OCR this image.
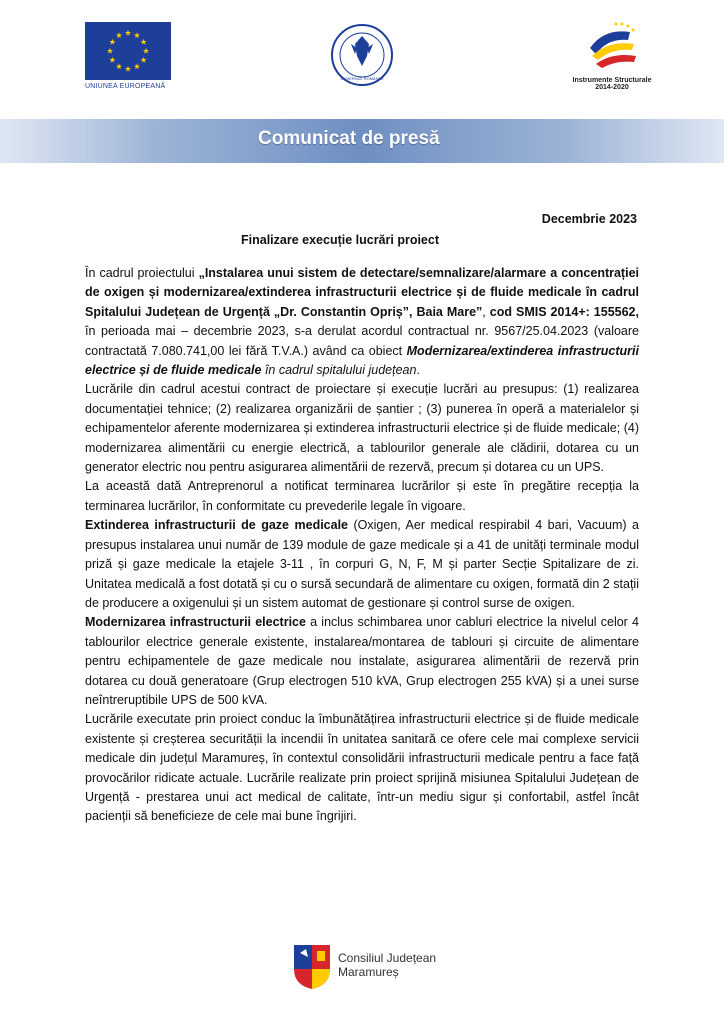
UNIUNEA EUROPEANĂ
GUVERNUL ROMÂNIEI	Instrumente Structurale
2014-2020
Comunicat de presă
Decembrie 2023
Finalizare execuție lucrări proiect

În cadrul proiectului „Instalarea unui sistem de detectare/semnalizare/alarmare a concentrației de oxigen și modernizarea/extinderea infrastructurii electrice și de fluide medicale în cadrul Spitalului Județean de Urgență „Dr. Constantin Opriș”, Baia Mare”, cod SMIS 2014+: 155562, în perioada mai – decembrie 2023, s-a derulat acordul contractual nr. 9567/25.04.2023 (valoare contractată 7.080.741,00 lei fără T.V.A.) având ca obiect Modernizarea/extinderea infrastructurii electrice și de fluide medicale în cadrul spitalului județean.

Lucrările din cadrul acestui contract de proiectare și execuție lucrări au presupus: (1) realizarea documentației tehnice; (2) realizarea organizării de șantier ; (3) punerea în operă a materialelor și echipamentelor aferente modernizarea și extinderea infrastructurii electrice și de fluide medicale; (4) modernizarea alimentării cu energie electrică, a tablourilor generale ale clădirii, dotarea cu un generator electric nou pentru asigurarea alimentării de rezervă, precum și dotarea cu un UPS.

La această dată Antreprenorul a notificat terminarea lucrărilor și este în pregătire recepția la terminarea lucrărilor, în conformitate cu prevederile legale în vigoare.

Extinderea infrastructurii de gaze medicale (Oxigen, Aer medical respirabil 4 bari, Vacuum) a presupus instalarea unui număr de 139 module de gaze medicale și a 41 de unități terminale modul priză și gaze medicale la etajele 3-11 , în corpuri G, N, F, M și parter Secție Spitalizare de zi. Unitatea medicală a fost dotată și cu o sursă secundară de alimentare cu oxigen, formată din 2 stații de producere a oxigenului și un sistem automat de gestionare și control surse de oxigen.

Modernizarea infrastructurii electrice a inclus schimbarea unor cabluri electrice la nivelul celor 4 tablourilor electrice generale existente, instalarea/montarea de tablouri și circuite de alimentare pentru echipamentele de gaze medicale nou instalate, asigurarea alimentării de rezervă prin dotarea cu două generatoare (Grup electrogen 510 kVA, Grup electrogen 255 kVA) și a unei surse neîntreruptibile UPS de 500 kVA.

Lucrările executate prin proiect conduc la îmbunătățirea infrastructurii electrice și de fluide medicale existente și creșterea securității la incendii în unitatea sanitară ce ofere cele mai complexe servicii medicale din județul Maramureș, în contextul consolidării infrastructurii medicale pentru a face față provocărilor ridicate actuale. Lucrările realizate prin proiect sprijină misiunea Spitalului Județean de Urgență - prestarea unui act medical de calitate, într-un mediu sigur și confortabil, astfel încât pacienții să beneficieze de cele mai bune îngrijiri.

Consiliul Județean
Maramureș
